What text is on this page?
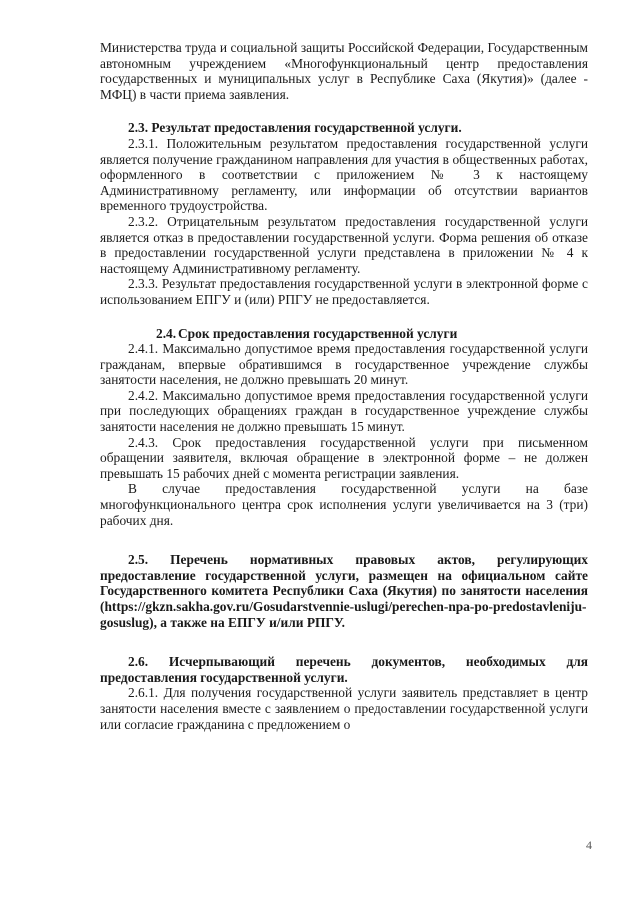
Министерства труда и социальной защиты Российской Федерации, Государственным автономным учреждением «Многофункциональный центр предоставления государственных и муниципальных услуг в Республике Саха (Якутия)» (далее - МФЦ) в части приема заявления.

2.3. Результат предоставления государственной услуги.

2.3.1. Положительным результатом предоставления государственной услуги является получение гражданином направления для участия в общественных работах, оформленного в соответствии с приложением № 3 к настоящему Административному регламенту, или информации об отсутствии вариантов временного трудоустройства.

2.3.2. Отрицательным результатом предоставления государственной услуги является отказ в предоставлении государственной услуги. Форма решения об отказе в предоставлении государственной услуги представлена в приложении № 4 к настоящему Административному регламенту.

2.3.3. Результат предоставления государственной услуги в электронной форме с использованием ЕПГУ и (или) РПГУ не предоставляется.

2.4. Срок предоставления государственной услуги

2.4.1. Максимально допустимое время предоставления государственной услуги гражданам, впервые обратившимся в государственное учреждение службы занятости населения, не должно превышать 20 минут.

2.4.2. Максимально допустимое время предоставления государственной услуги при последующих обращениях граждан в государственное учреждение службы занятости населения не должно превышать 15 минут.

2.4.3. Срок предоставления государственной услуги при письменном обращении заявителя, включая обращение в электронной форме – не должен превышать 15 рабочих дней с момента регистрации заявления.

В случае предоставления государственной услуги на базе многофункционального центра срок исполнения услуги увеличивается на 3 (три) рабочих дня.

2.5. Перечень нормативных правовых актов, регулирующих предоставление государственной услуги, размещен на официальном сайте Государственного комитета Республики Саха (Якутия) по занятости населения (https://gkzn.sakha.gov.ru/Gosudarstvennie-uslugi/perechen-npa-po-predostavleniju-gosuslug), а также на ЕПГУ и/или РПГУ.

2.6. Исчерпывающий перечень документов, необходимых для предоставления государственной услуги.

2.6.1. Для получения государственной услуги заявитель представляет в центр занятости населения вместе с заявлением о предоставлении государственной услуги или согласие гражданина с предложением о

4
